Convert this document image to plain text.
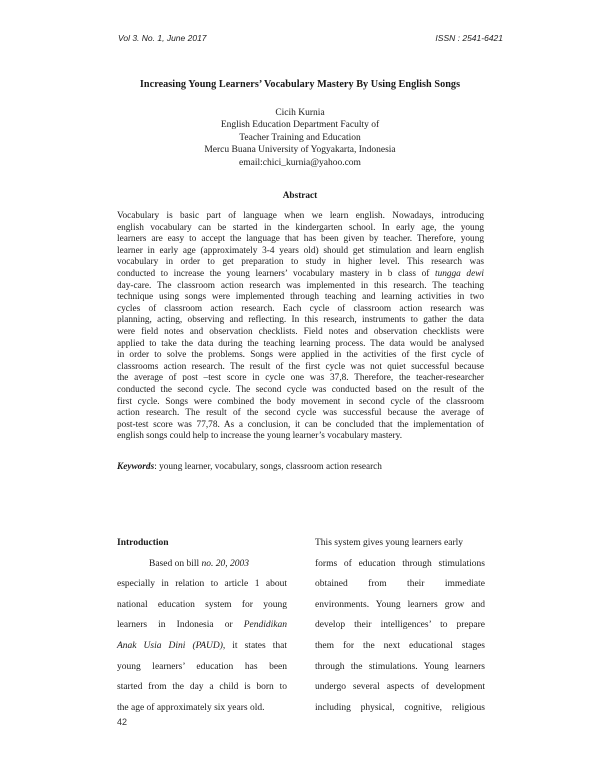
Vol 3. No. 1, June 2017	ISSN : 2541-6421
Increasing Young Learners’ Vocabulary Mastery By Using English Songs
Cicih Kurnia
English Education Department Faculty of
Teacher Training and Education
Mercu Buana University of Yogyakarta, Indonesia
email:chici_kurnia@yahoo.com
Abstract
Vocabulary is basic part of language when we learn english. Nowadays, introducing
english vocabulary can be started in the kindergarten school. In early age, the young
learners are easy to accept the language that has been given by teacher. Therefore, young
learner in early age (approximately 3-4 years old) should get stimulation and learn english
vocabulary in order to get preparation to study in higher level. This research was
conducted to increase the young learners’ vocabulary mastery in b class of tungga dewi
day-care. The classroom action research was implemented in this research. The teaching
technique using songs were implemented through teaching and learning activities in two
cycles of classroom action research. Each cycle of classroom action research was
planning, acting, observing and reflecting. In this research, instruments to gather the data
were field notes and observation checklists. Field notes and observation checklists were
applied to take the data during the teaching learning process. The data would be analysed
in order to solve the problems. Songs were applied in the activities of the first cycle of
classrooms action research. The result of the first cycle was not quiet successful because
the average of post –test score in cycle one was 37,8. Therefore, the teacher-researcher
conducted the second cycle. The second cycle was conducted based on the result of the
first cycle. Songs were combined the body movement in second cycle of the classroom
action research. The result of the second cycle was successful because the average of
post-test score was 77,78. As a conclusion, it can be concluded that the implementation of
english songs could help to increase the young learner’s vocabulary mastery.
Keywords: young learner, vocabulary, songs, classroom action research
Introduction
Based on bill no. 20, 2003
especially in relation to article 1 about
national education system for young
learners in Indonesia or Pendidikan
Anak Usia Dini (PAUD), it states that
young learners’ education has been
started from the day a child is born to
the age of approximately six years old.
This system gives young learners early
forms of education through stimulations
obtained from their immediate
environments. Young learners grow and
develop their intelligences’ to prepare
them for the next educational stages
through the stimulations. Young learners
undergo several aspects of development
including physical, cognitive, religious
42
